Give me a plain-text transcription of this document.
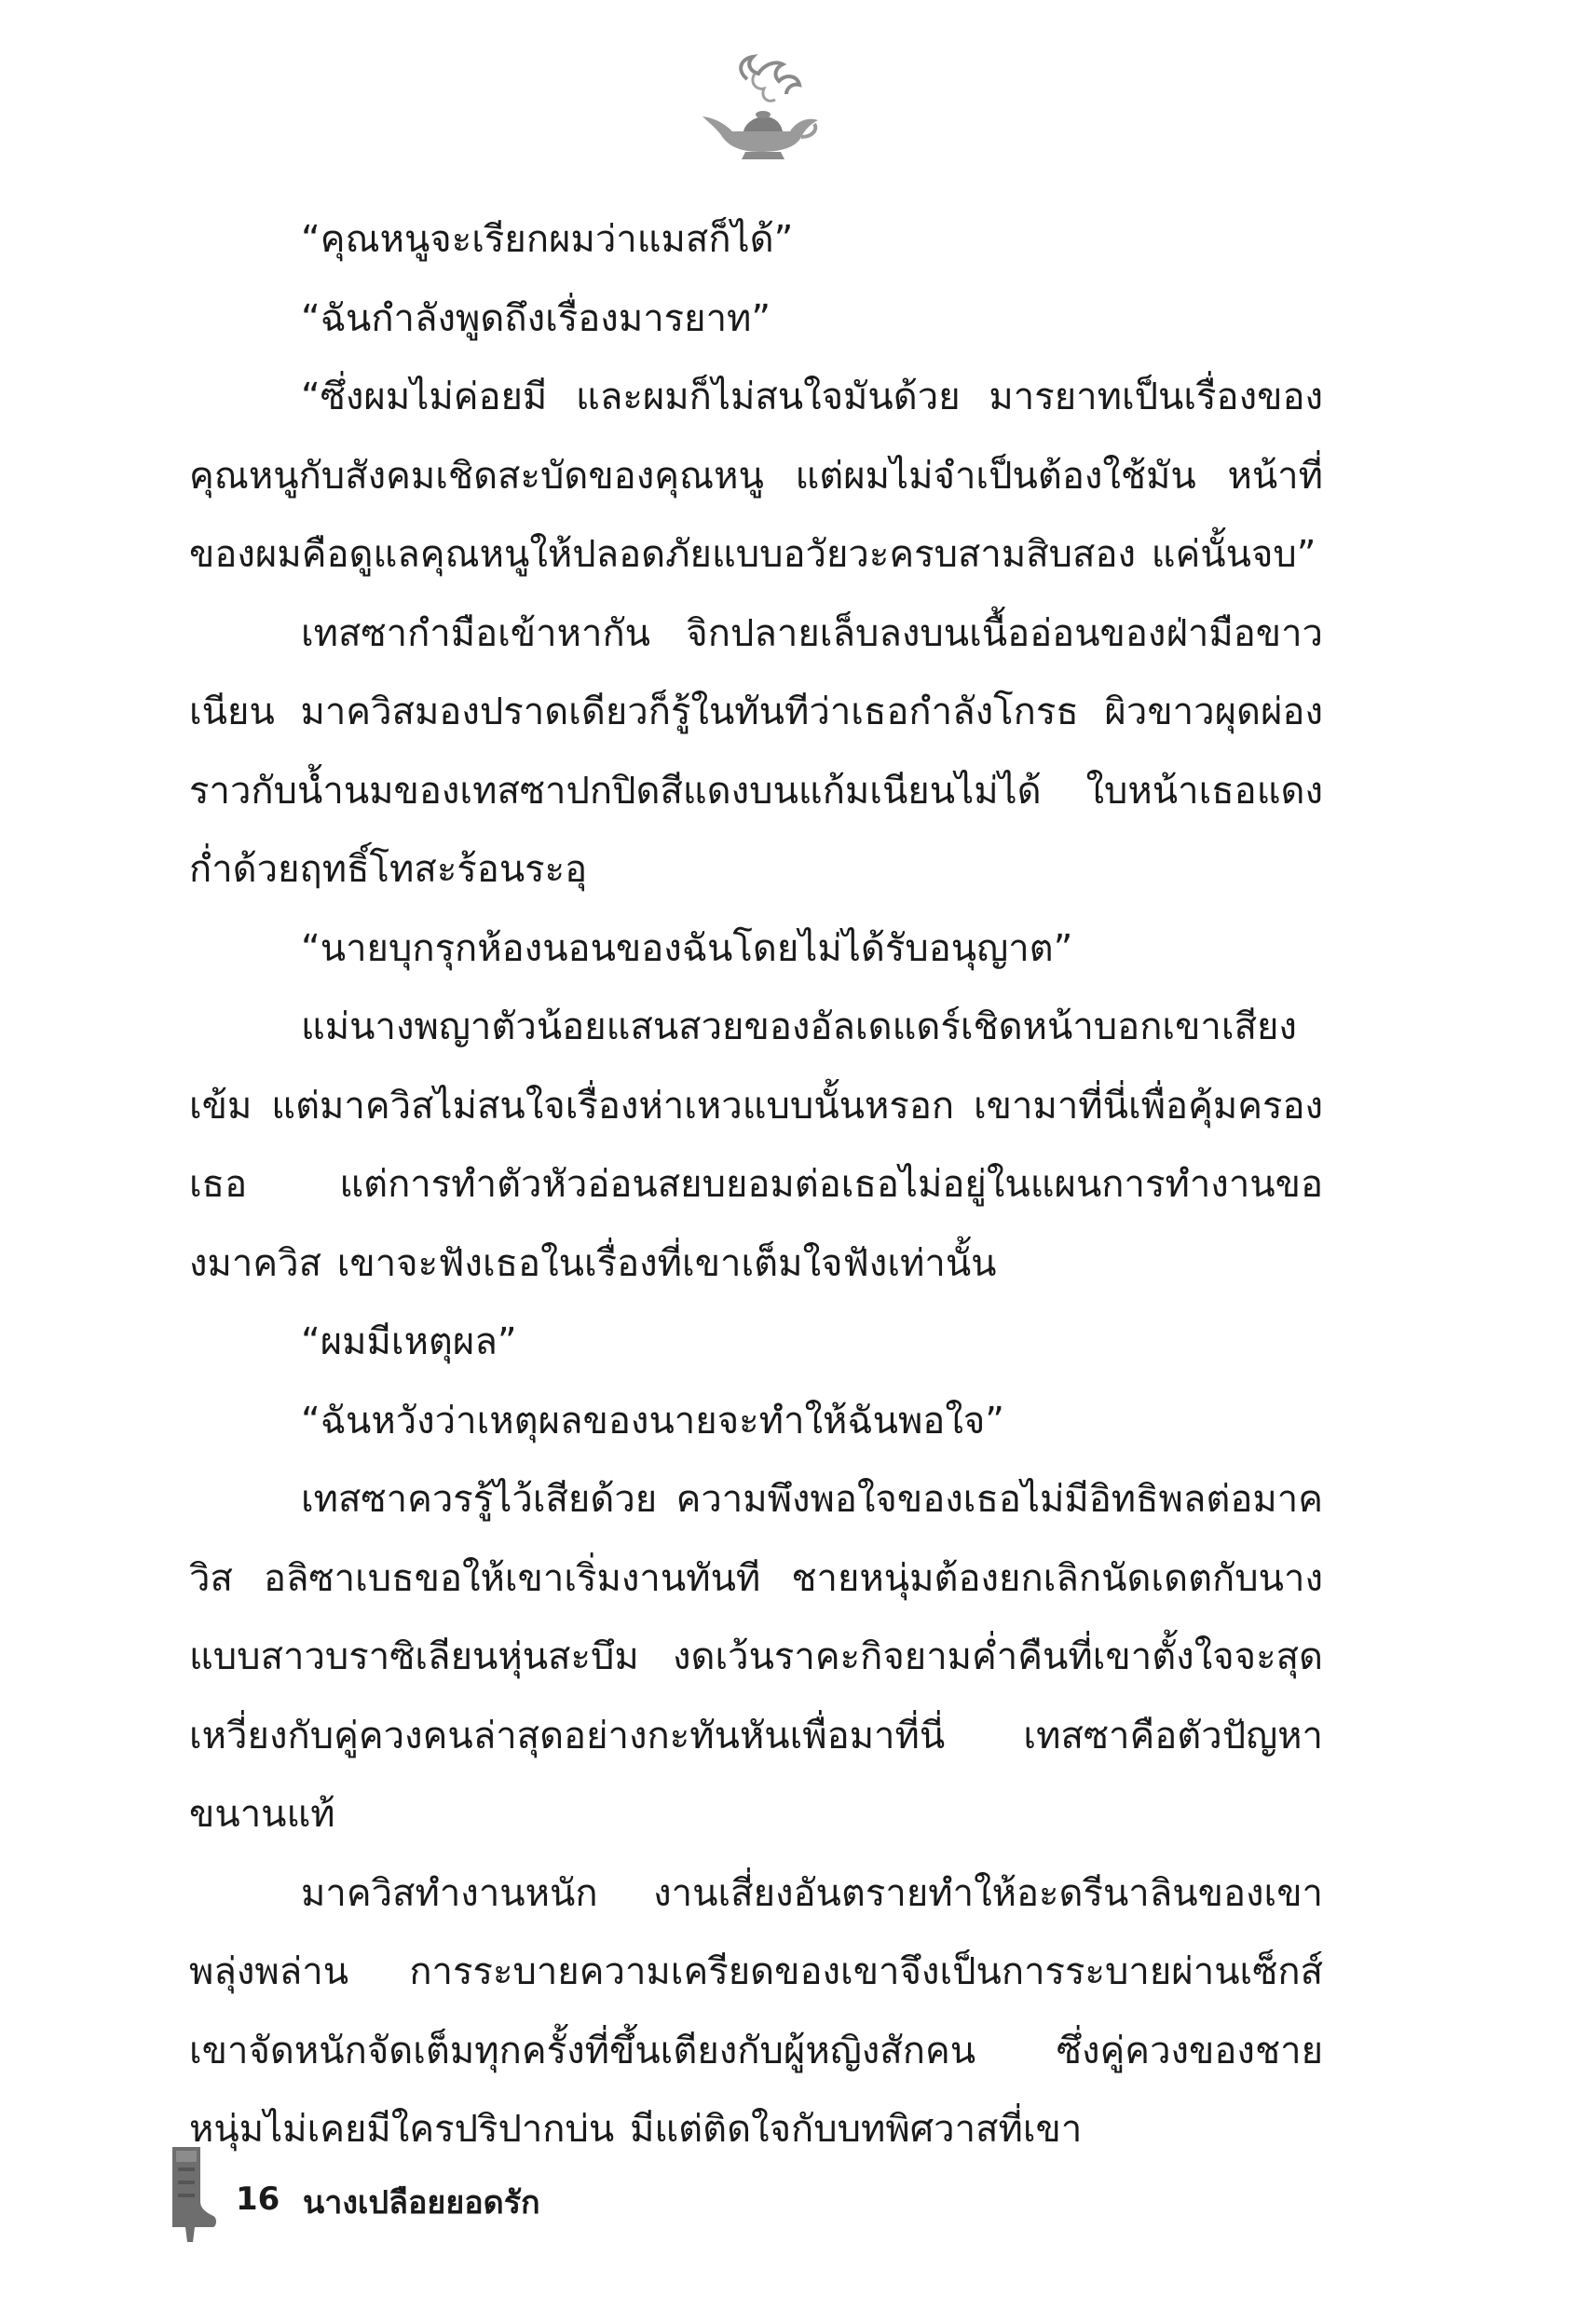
“คุณหนูจะเรียกผมว่าแมสก็ได้”

“ฉันกำลังพูดถึงเรื่องมารยาท”

“ซึ่งผมไม่ค่อยมี และผมก็ไม่สนใจมันด้วย มารยาทเป็นเรื่องของคุณหนูกับสังคมเชิดสะบัดของคุณหนู แต่ผมไม่จำเป็นต้องใช้มัน หน้าที่ของผมคือดูแลคุณหนูให้ปลอดภัยแบบอวัยวะครบสามสิบสอง แค่นั้นจบ”

เทสซากำมือเข้าหากัน จิกปลายเล็บลงบนเนื้ออ่อนของฝ่ามือขาวเนียน มาควิสมองปราดเดียวก็รู้ในทันทีว่าเธอกำลังโกรธ ผิวขาวผุดผ่องราวกับน้ำนมของเทสซาปกปิดสีแดงบนแก้มเนียนไม่ได้ ใบหน้าเธอแดงก่ำด้วยฤทธิ์โทสะร้อนระอุ

“นายบุกรุกห้องนอนของฉันโดยไม่ได้รับอนุญาต”

แม่นางพญาตัวน้อยแสนสวยของอัลเดแดร์เชิดหน้าบอกเขาเสียงเข้ม แต่มาควิสไม่สนใจเรื่องห่าเหวแบบนั้นหรอก เขามาที่นี่เพื่อคุ้มครองเธอ แต่การทำตัวหัวอ่อนสยบยอมต่อเธอไม่อยู่ในแผนการทำงานของมาควิส เขาจะฟังเธอในเรื่องที่เขาเต็มใจฟังเท่านั้น

“ผมมีเหตุผล”

“ฉันหวังว่าเหตุผลของนายจะทำให้ฉันพอใจ”

เทสซาควรรู้ไว้เสียด้วย ความพึงพอใจของเธอไม่มีอิทธิพลต่อมาควิส อลิซาเบธขอให้เขาเริ่มงานทันที ชายหนุ่มต้องยกเลิกนัดเดตกับนางแบบสาวบราซิเลียนหุ่นสะบึม งดเว้นราคะกิจยามค่ำคืนที่เขาตั้งใจจะสุดเหวี่ยงกับคู่ควงคนล่าสุดอย่างกะทันหันเพื่อมาที่นี่ เทสซาคือตัวปัญหาขนานแท้

มาควิสทำงานหนัก งานเสี่ยงอันตรายทำให้อะดรีนาลินของเขาพลุ่งพล่าน การระบายความเครียดของเขาจึงเป็นการระบายผ่านเซ็กส์ เขาจัดหนักจัดเต็มทุกครั้งที่ขึ้นเตียงกับผู้หญิงสักคน ซึ่งคู่ควงของชายหนุ่มไม่เคยมีใครปริปากบ่น มีแต่ติดใจกับบทพิศวาสที่เขา

16 นางเปลือยยอดรัก
